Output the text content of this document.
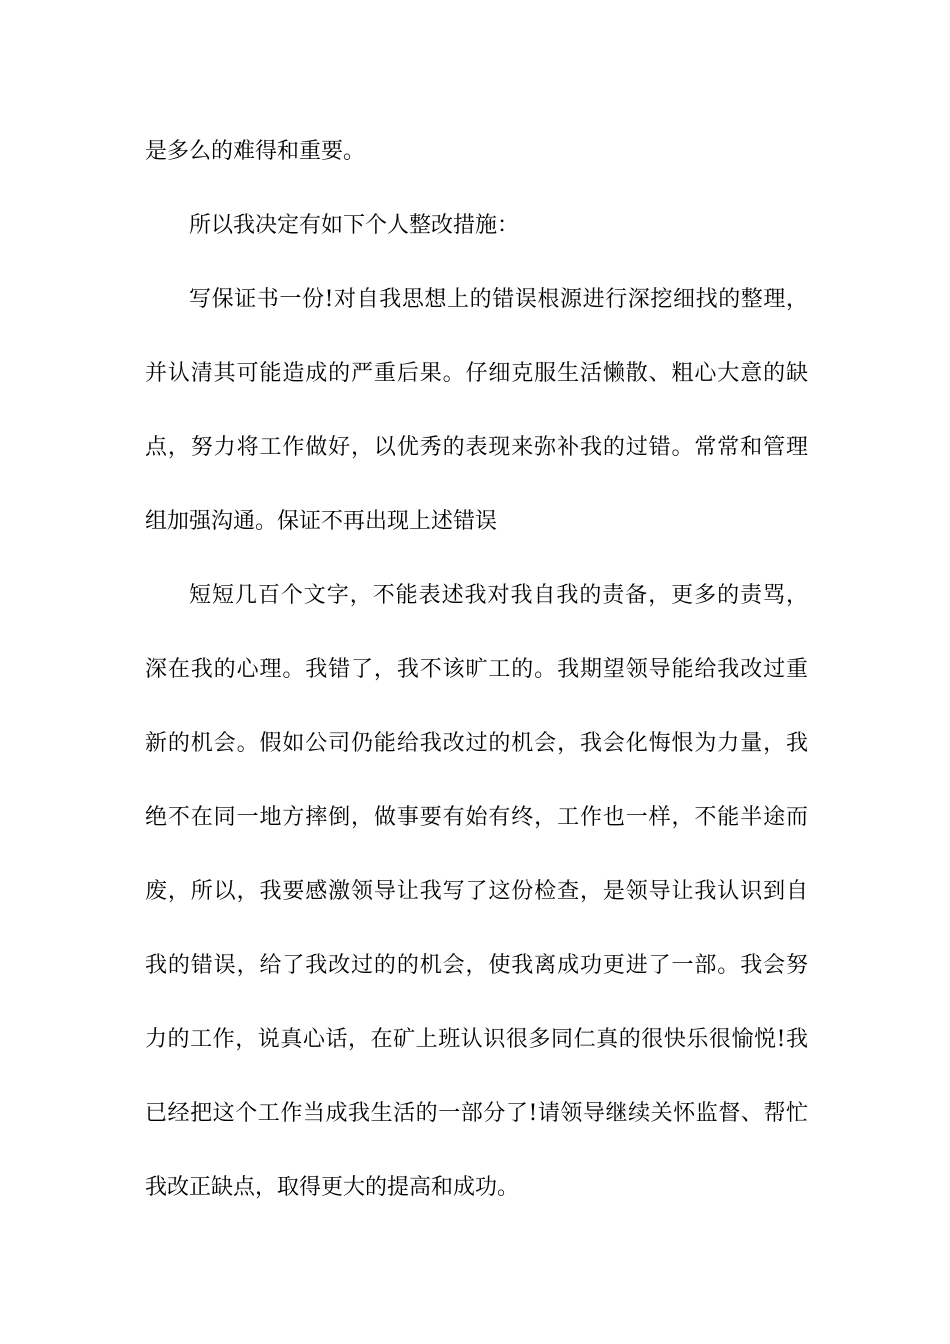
是多么的难得和重要。
所以我决定有如下个人整改措施：
写保证书一份!对自我思想上的错误根源进行深挖细找的整理，
并认清其可能造成的严重后果。仔细克服生活懒散、粗心大意的缺
点，努力将工作做好，以优秀的表现来弥补我的过错。常常和管理
组加强沟通。保证不再出现上述错误
短短几百个文字，不能表述我对我自我的责备，更多的责骂，
深在我的心理。我错了，我不该旷工的。我期望领导能给我改过重
新的机会。假如公司仍能给我改过的机会，我会化悔恨为力量，我
绝不在同一地方摔倒，做事要有始有终，工作也一样，不能半途而
废，所以，我要感激领导让我写了这份检查，是领导让我认识到自
我的错误，给了我改过的的机会，使我离成功更进了一部。我会努
力的工作，说真心话，在矿上班认识很多同仁真的很快乐很愉悦!我
已经把这个工作当成我生活的一部分了!请领导继续关怀监督、帮忙
我改正缺点，取得更大的提高和成功。
